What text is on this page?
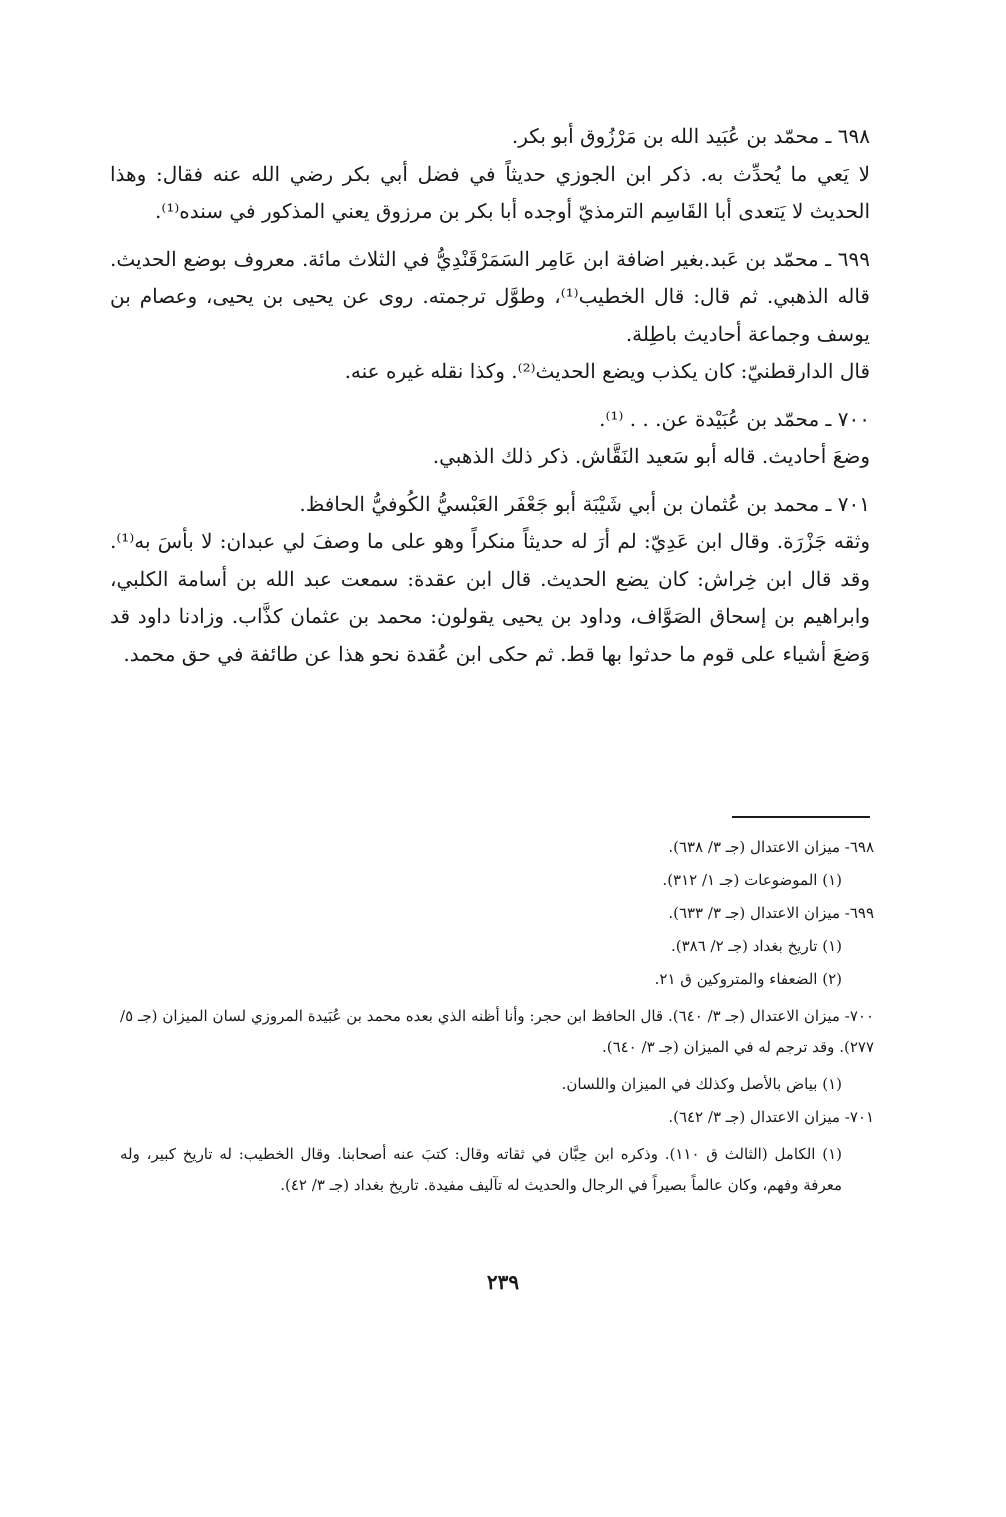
٦٩٨ ـ محمّد بن عُبَيد الله بن مَرْزُوق أبو بكر.

لا يَعي ما يُحدِّث به. ذكر ابن الجوزي حديثاً في فضل أبي بكر رضي الله عنه فقال: وهذا الحديث لا يَتعدى أبا القَاسِم الترمذيّ أوجده أبا بكر بن مرزوق يعني المذكور في سنده⁽¹⁾.

٦٩٩ ـ محمّد بن عَبد.بغير اضافة ابن عَامِر السَمَرْقَنْدِيُّ في الثلاث مائة. معروف بوضع الحديث. قاله الذهبي. ثم قال: قال الخطيب⁽¹⁾، وطوَّل ترجمته. روى عن يحيى بن يحيى، وعصام بن يوسف وجماعة أحاديث باطِلة.

قال الدارقطنيّ: كان يكذب ويضع الحديث⁽²⁾. وكذا نقله غيره عنه.

٧٠٠ ـ محمّد بن عُبَيْدة عن. . . ⁽¹⁾.

وضعَ أحاديث. قاله أبو سَعيد النَقَّاش. ذكر ذلك الذهبي.

٧٠١ ـ محمد بن عُثمان بن أبي شَيْبَة أبو جَعْفَر العَبْسيُّ الكُوفيُّ الحافظ.

وثقه جَزْرَة. وقال ابن عَدِيّ: لم أرَ له حديثاً منكراً وهو على ما وصفَ لي عبدان: لا بأسَ به⁽¹⁾. وقد قال ابن خِراش: كان يضع الحديث. قال ابن عقدة: سمعت عبد الله بن أسامة الكلبي، وابراهيم بن إسحاق الصَوَّاف، وداود بن يحيى يقولون: محمد بن عثمان كذَّاب. وزادنا داود قد وَضعَ أشياء على قوم ما حدثوا بها قط. ثم حكى ابن عُقدة نحو هذا عن طائفة في حق محمد.

٦٩٨- ميزان الاعتدال (جـ ٣/ ٦٣٨).

(١) الموضوعات (جـ ١/ ٣١٢).

٦٩٩- ميزان الاعتدال (جـ ٣/ ٦٣٣).

(١) تاريخ بغداد (جـ ٢/ ٣٨٦).

(٢) الضعفاء والمتروكين ق ٢١.

٧٠٠- ميزان الاعتدال (جـ ٣/ ٦٤٠). قال الحافظ ابن حجر: وأنا أظنه الذي بعده محمد بن عُبَيدة المروزي لسان الميزان (جـ ٥/ ٢٧٧). وقد ترجم له في الميزان (جـ ٣/ ٦٤٠).

(١) بياض بالأصل وكذلك في الميزان واللسان.

٧٠١- ميزان الاعتدال (جـ ٣/ ٦٤٢).

(١) الكامل (الثالث ق ١١٠). وذكره ابن حِبَّان في ثقاته وقال: كتبَ عنه أصحابنا. وقال الخطيب: له تاريخ كبير، وله معرفة وفهم، وكان عالماً بصيراً في الرجال والحديث له تآليف مفيدة. تاريخ بغداد (جـ ٣/ ٤٢).

٢٣٩
